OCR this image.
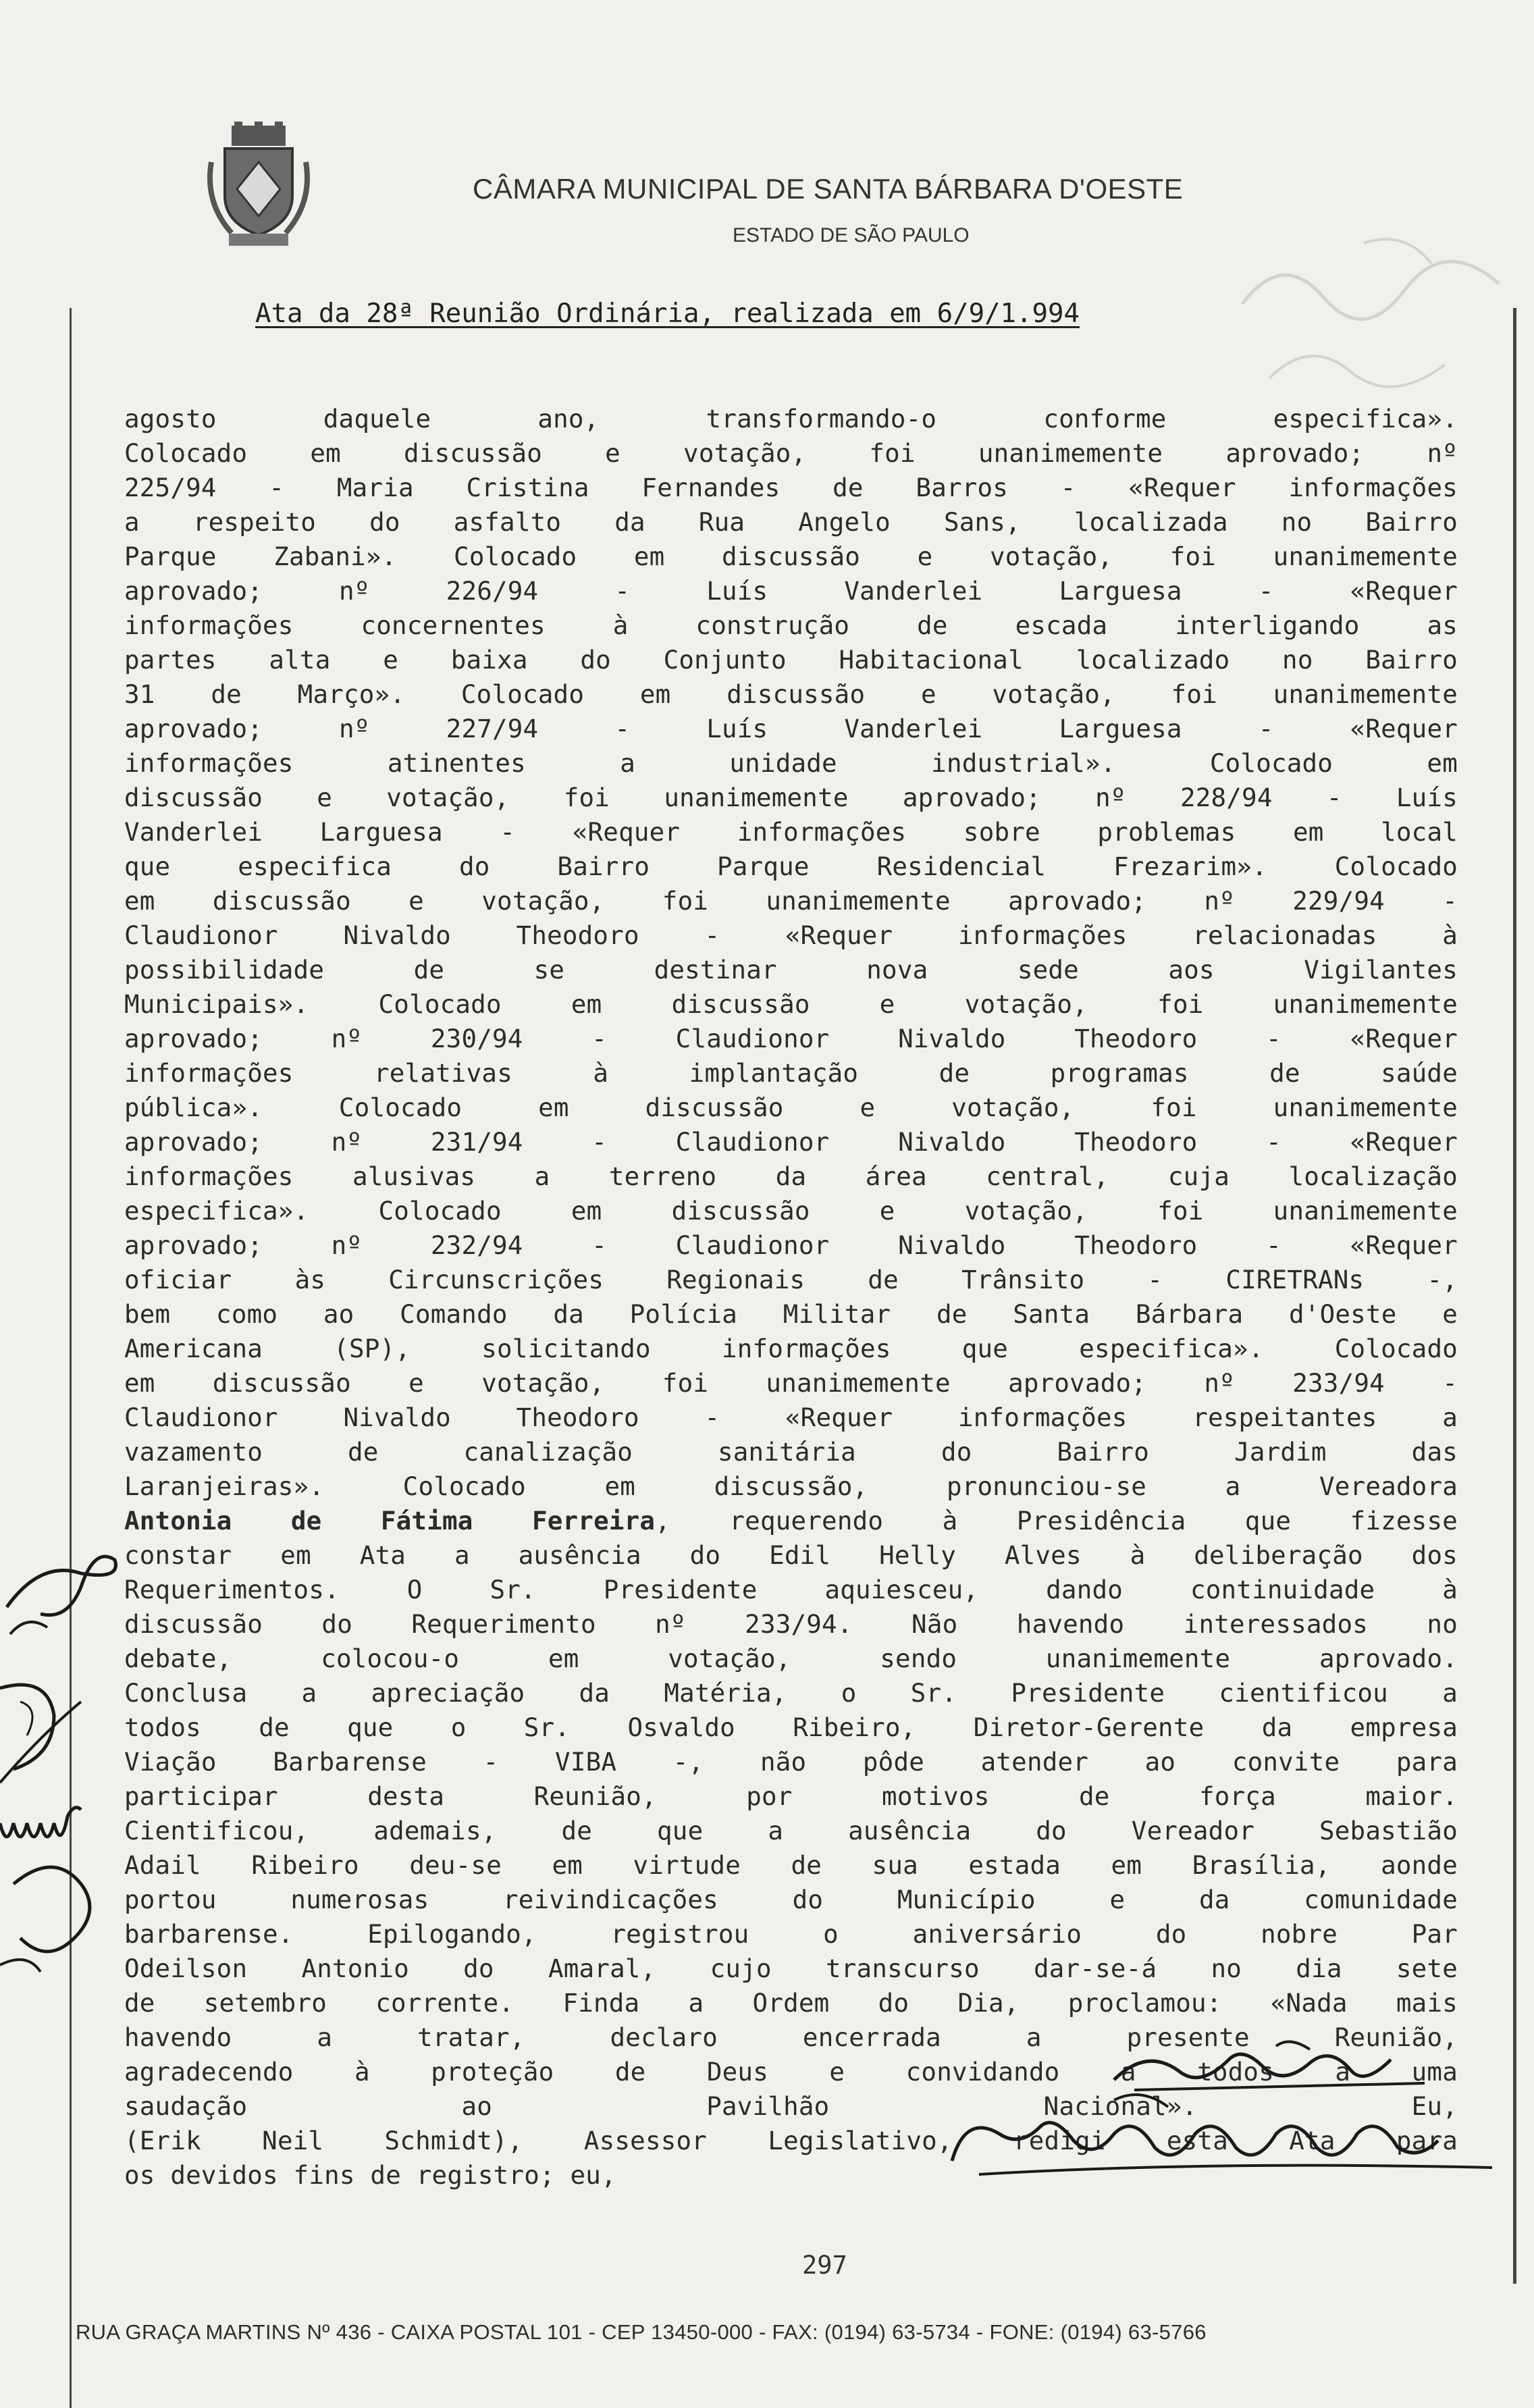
CÂMARA MUNICIPAL DE SANTA BÁRBARA D'OESTE
ESTADO DE SÃO PAULO
Ata da 28ª Reunião Ordinária, realizada em 6/9/1.994
agosto daquele ano, transformando-o conforme especifica».
Colocado em discussão e votação, foi unanimemente aprovado; nº
225/94 - Maria Cristina Fernandes de Barros - «Requer informações
a respeito do asfalto da Rua Angelo Sans, localizada no Bairro
Parque Zabani». Colocado em discussão e votação, foi unanimemente
aprovado; nº 226/94 - Luís Vanderlei Larguesa - «Requer
informações concernentes à construção de escada interligando as
partes alta e baixa do Conjunto Habitacional localizado no Bairro
31 de Março». Colocado em discussão e votação, foi unanimemente
aprovado; nº 227/94 - Luís Vanderlei Larguesa - «Requer
informações atinentes a unidade industrial». Colocado em
discussão e votação, foi unanimemente aprovado; nº 228/94 - Luís
Vanderlei Larguesa - «Requer informações sobre problemas em local
que especifica do Bairro Parque Residencial Frezarim». Colocado
em discussão e votação, foi unanimemente aprovado; nº 229/94 -
Claudionor Nivaldo Theodoro - «Requer informações relacionadas à
possibilidade de se destinar nova sede aos Vigilantes
Municipais». Colocado em discussão e votação, foi unanimemente
aprovado; nº 230/94 - Claudionor Nivaldo Theodoro - «Requer
informações relativas à implantação de programas de saúde
pública». Colocado em discussão e votação, foi unanimemente
aprovado; nº 231/94 - Claudionor Nivaldo Theodoro - «Requer
informações alusivas a terreno da área central, cuja localização
especifica». Colocado em discussão e votação, foi unanimemente
aprovado; nº 232/94 - Claudionor Nivaldo Theodoro - «Requer
oficiar às Circunscrições Regionais de Trânsito - CIRETRANs -,
bem como ao Comando da Polícia Militar de Santa Bárbara d'Oeste e
Americana (SP), solicitando informações que especifica». Colocado
em discussão e votação, foi unanimemente aprovado; nº 233/94 -
Claudionor Nivaldo Theodoro - «Requer informações respeitantes a
vazamento de canalização sanitária do Bairro Jardim das
Laranjeiras». Colocado em discussão, pronunciou-se a Vereadora
Antonia de Fátima Ferreira, requerendo à Presidência que fizesse
constar em Ata a ausência do Edil Helly Alves à deliberação dos
Requerimentos. O Sr. Presidente aquiesceu, dando continuidade à
discussão do Requerimento nº 233/94. Não havendo interessados no
debate, colocou-o em votação, sendo unanimemente aprovado.
Conclusa a apreciação da Matéria, o Sr. Presidente cientificou a
todos de que o Sr. Osvaldo Ribeiro, Diretor-Gerente da empresa
Viação Barbarense - VIBA -, não pôde atender ao convite para
participar desta Reunião, por motivos de força maior.
Cientificou, ademais, de que a ausência do Vereador Sebastião
Adail Ribeiro deu-se em virtude de sua estada em Brasília, aonde
portou numerosas reivindicações do Município e da comunidade
barbarense. Epilogando, registrou o aniversário do nobre Par
Odeilson Antonio do Amaral, cujo transcurso dar-se-á no dia sete
de setembro corrente. Finda a Ordem do Dia, proclamou: «Nada mais
havendo a tratar, declaro encerrada a presente Reunião,
agradecendo à proteção de Deus e convidando a todos a uma
saudação ao Pavilhão Nacional». Eu,
(Erik Neil Schmidt), Assessor Legislativo, redigi esta Ata para
os devidos fins de registro; eu,
297
RUA GRAÇA MARTINS Nº 436 - CAIXA POSTAL 101 - CEP 13450-000 - FAX: (0194) 63-5734 - FONE: (0194) 63-5766
